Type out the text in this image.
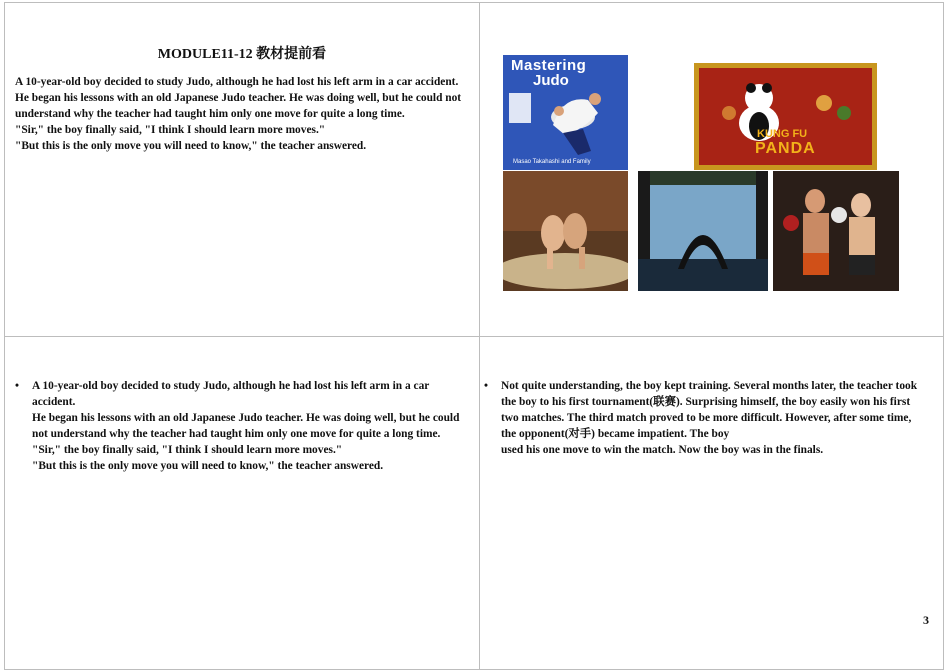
MODULE11-12 教材提前看

A 10-year-old boy decided to study Judo, although he had lost his left arm in a car accident.

He began his lessons with an old Japanese Judo teacher. He was doing well, but he could not understand why the teacher had taught him only one move for quite a long time.

"Sir," the boy finally said, "I think I should learn more moves."

"But this is the only move you will need to know," the teacher answered.

Mastering
Judo
Masao Takahashi and Family
KUNG FU
PANDA
• A 10-year-old boy decided to study Judo, although he had lost his left arm in a car accident.

He began his lessons with an old Japanese Judo teacher. He was doing well, but he could not understand why the teacher had taught him only one move for quite a long time.

"Sir," the boy finally said, "I think I should learn more moves."

"But this is the only move you will need to know," the teacher answered.

• Not quite understanding, the boy kept training. Several months later, the teacher took the boy to his first tournament(联赛). Surprising himself, the boy easily won his first two matches. The third match proved to be more difficult. However, after some time, the opponent(对手) became impatient. The boy

used his one move to win the match. Now the boy was in the finals.

3
